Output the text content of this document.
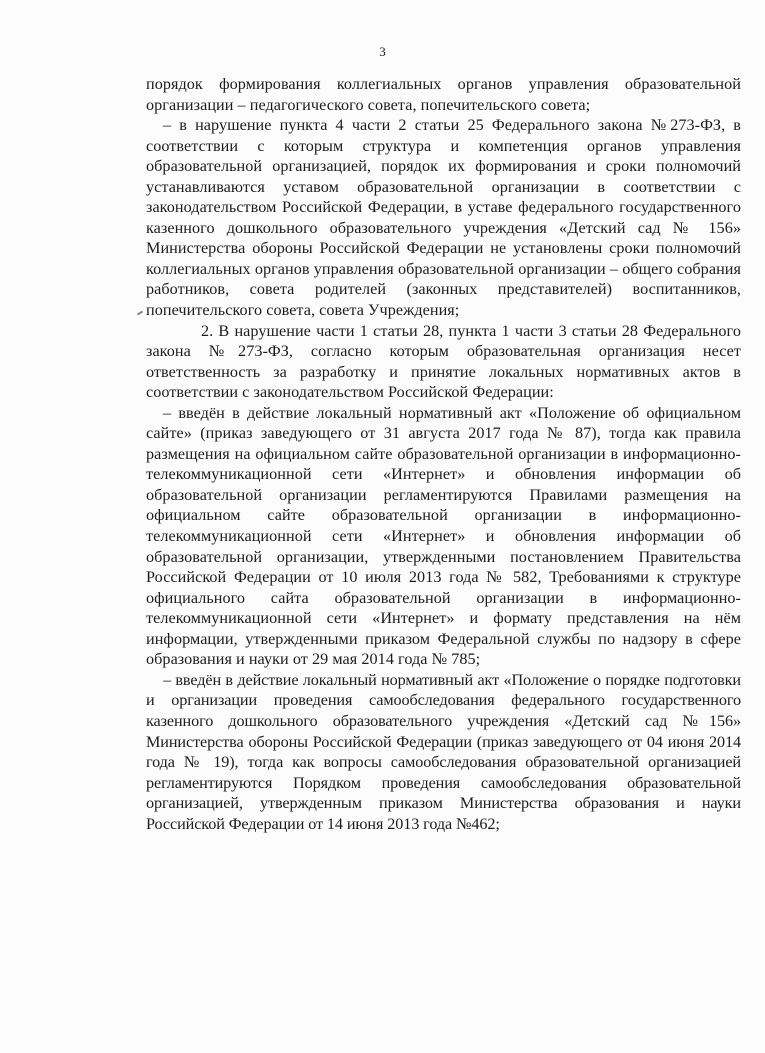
3

порядок формирования коллегиальных органов управления образовательной организации – педагогического совета, попечительского совета;

– в нарушение пункта 4 части 2 статьи 25 Федерального закона №273-ФЗ, в соответствии с которым структура и компетенция органов управления образовательной организацией, порядок их формирования и сроки полномочий устанавливаются уставом образовательной организации в соответствии с законодательством Российской Федерации, в уставе федерального государственного казенного дошкольного образовательного учреждения «Детский сад № 156» Министерства обороны Российской Федерации не установлены сроки полномочий коллегиальных органов управления образовательной организации – общего собрания работников, совета родителей (законных представителей) воспитанников, попечительского совета, совета Учреждения;

2. В нарушение части 1 статьи 28, пункта 1 части 3 статьи 28 Федерального закона №273-ФЗ, согласно которым образовательная организация несет ответственность за разработку и принятие локальных нормативных актов в соответствии с законодательством Российской Федерации:

– введён в действие локальный нормативный акт «Положение об официальном сайте» (приказ заведующего от 31 августа 2017 года № 87), тогда как правила размещения на официальном сайте образовательной организации в информационно-телекоммуникационной сети «Интернет» и обновления информации об образовательной организации регламентируются Правилами размещения на официальном сайте образовательной организации в информационно-телекоммуникационной сети «Интернет» и обновления информации об образовательной организации, утвержденными постановлением Правительства Российской Федерации от 10 июля 2013 года № 582, Требованиями к структуре официального сайта образовательной организации в информационно-телекоммуникационной сети «Интернет» и формату представления на нём информации, утвержденными приказом Федеральной службы по надзору в сфере образования и науки от 29 мая 2014 года № 785;

– введён в действие локальный нормативный акт «Положение о порядке подготовки и организации проведения самообследования федерального государственного казенного дошкольного образовательного учреждения «Детский сад №156» Министерства обороны Российской Федерации (приказ заведующего от 04 июня 2014 года № 19), тогда как вопросы самообследования образовательной организацией регламентируются Порядком проведения самообследования образовательной организацией, утвержденным приказом Министерства образования и науки Российской Федерации от 14 июня 2013 года №462;
